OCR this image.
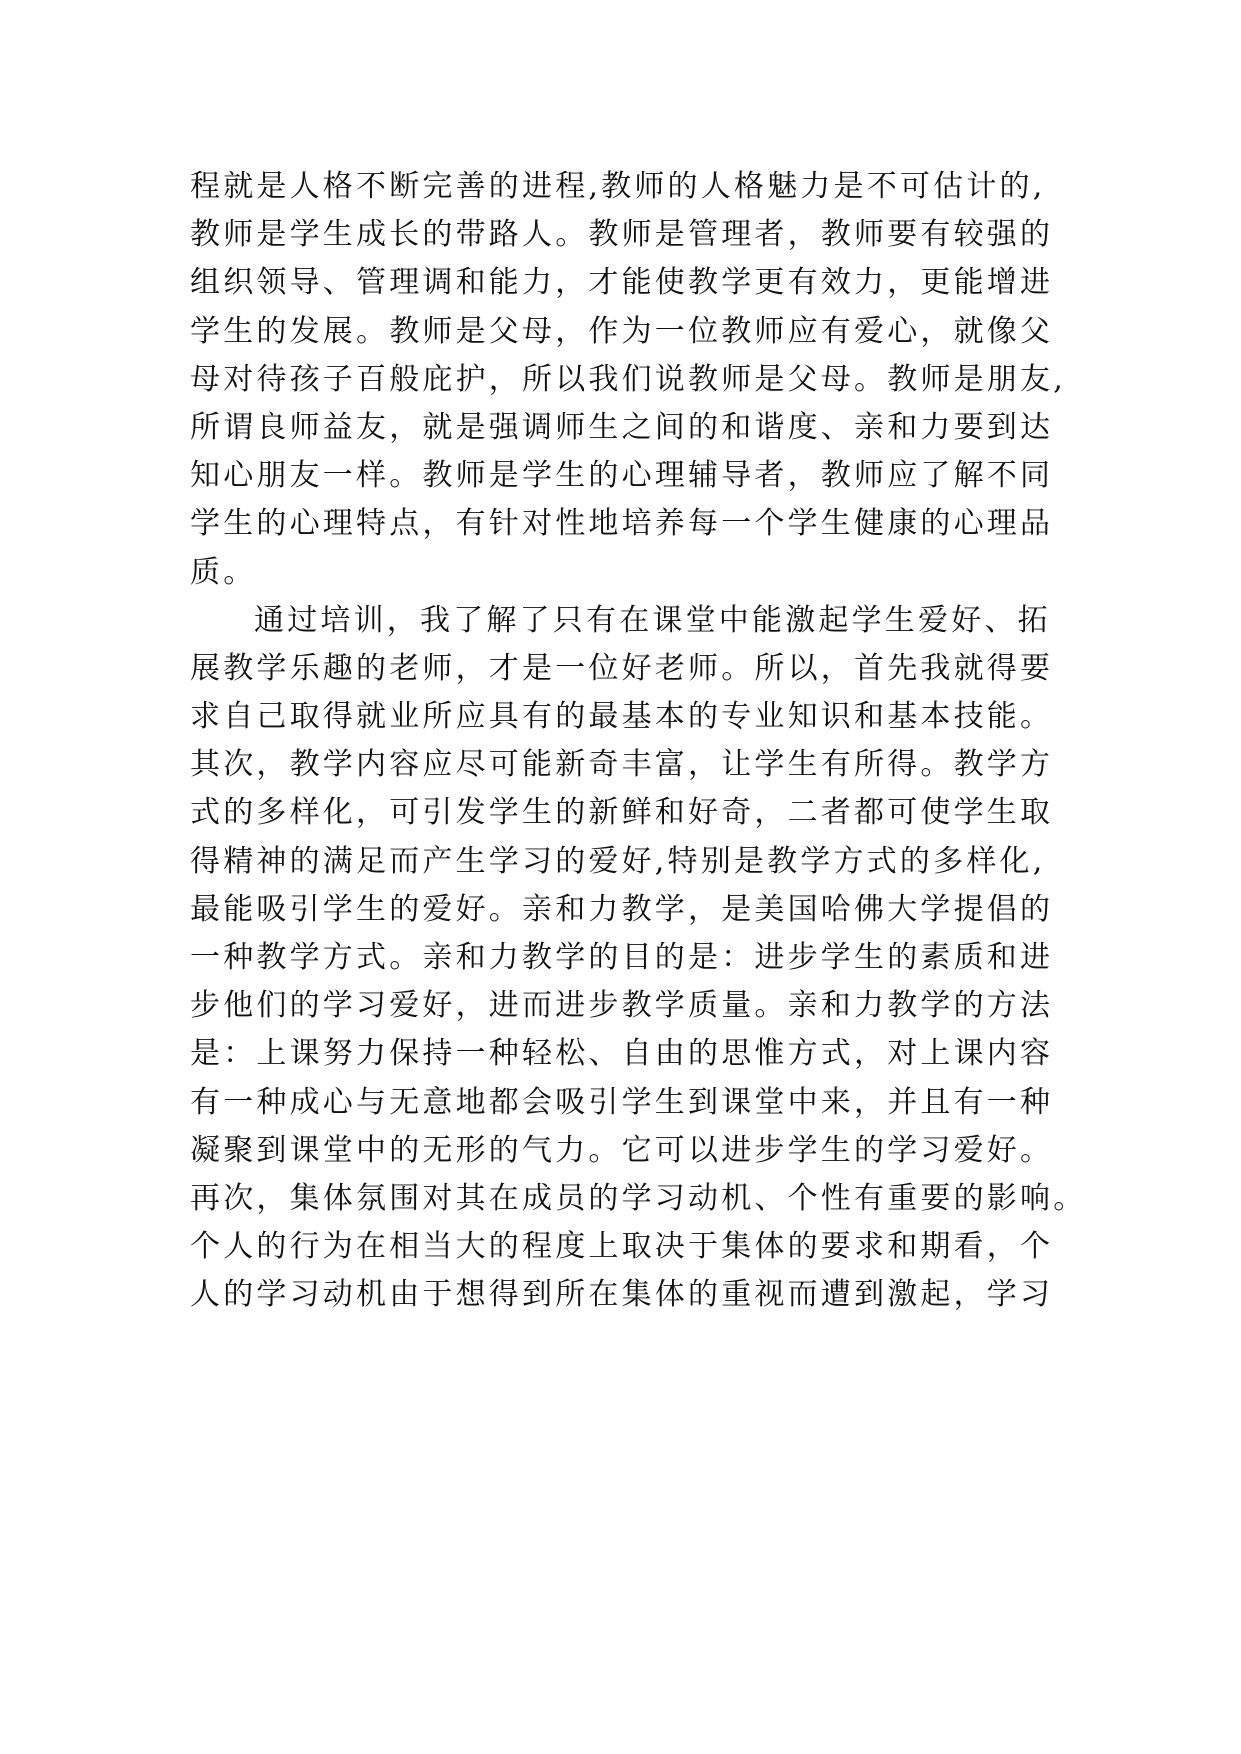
程就是人格不断完善的进程,教师的人格魅力是不可估计的,
教师是学生成长的带路人。教师是管理者，教师要有较强的
组织领导、管理调和能力，才能使教学更有效力，更能增进
学生的发展。教师是父母，作为一位教师应有爱心，就像父
母对待孩子百般庇护，所以我们说教师是父母。教师是朋友,
所谓良师益友，就是强调师生之间的和谐度、亲和力要到达
知心朋友一样。教师是学生的心理辅导者，教师应了解不同
学生的心理特点，有针对性地培养每一个学生健康的心理品
质。
通过培训，我了解了只有在课堂中能激起学生爱好、拓
展教学乐趣的老师，才是一位好老师。所以，首先我就得要
求自己取得就业所应具有的最基本的专业知识和基本技能。
其次，教学内容应尽可能新奇丰富，让学生有所得。教学方
式的多样化，可引发学生的新鲜和好奇，二者都可使学生取
得精神的满足而产生学习的爱好,特别是教学方式的多样化,
最能吸引学生的爱好。亲和力教学，是美国哈佛大学提倡的
一种教学方式。亲和力教学的目的是：进步学生的素质和进
步他们的学习爱好，进而进步教学质量。亲和力教学的方法
是：上课努力保持一种轻松、自由的思惟方式，对上课内容
有一种成心与无意地都会吸引学生到课堂中来，并且有一种
凝聚到课堂中的无形的气力。它可以进步学生的学习爱好。
再次，集体氛围对其在成员的学习动机、个性有重要的影响。
个人的行为在相当大的程度上取决于集体的要求和期看，个
人的学习动机由于想得到所在集体的重视而遭到激起，学习
